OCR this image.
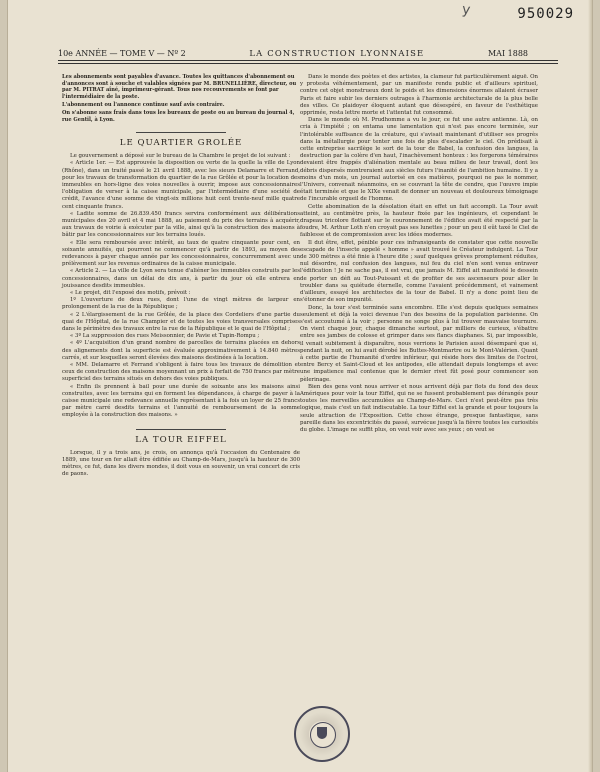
y	950029
10e ANNÉE — TOME V — Nº 2	LA CONSTRUCTION LYONNAISE	MAI 1888

Les abonnements sont payables d'avance. Toutes les quittances d'abonnement ou d'annonces sont à souche et valables signées par M. BRUNELLIÈRE, directeur, ou par M. PITRAT aîné, imprimeur-gérant. Tous nos recouvrements se font par l'intermédiaire de la poste.

L'abonnement ou l'annonce continue sauf avis contraire.

On s'abonne sans frais dans tous les bureaux de poste ou au bureau du journal 4, rue Gentil, à Lyon.

LE QUARTIER GROLÉE

Le gouvernement a déposé sur le bureau de la Chambre le projet de loi suivant :

« Article 1er. — Est approuvée la disposition ou verte de la quelle la ville de Lyon (Rhône), dans un traité passé le 21 avril 1888, avec les sieurs Delamarre et Ferrand, pour les travaux de transformation du quartier de la rue Grôlée et pour la location des immeubles en hors-ligne des voies nouvelles à ouvrir, impose aux concessionnaires l'obligation de verser à la caisse municipale, par l'intermédiaire d'une société de crédit, l'avance d'une somme de vingt-six millions huit cent trente-neuf mille quatre cent cinquante francs.

« Ladite somme de 26.839.450 francs servira conformément aux délibérations municipales des 20 avril et 4 mai 1888, au paiement du prix des terrains à acquérir, aux travaux de voirie à exécuter par la ville, ainsi qu'à la construction des maisons à bâtir par les concessionnaires sur les terrains loués.

« Elle sera remboursée avec intérêt, au taux de quatre cinquante pour cent, en soixante annuités, qui pourront ne commencer qu'à partir de 1893, au moyen des redevances à payer chaque année par les concessionnaires, concurremment avec un prélèvement sur les revenus ordinaires de la caisse municipale.

« Article 2. — La ville de Lyon sera tenue d'aliéner les immeubles construits par les concessionnaires, dans un délai de dix ans, à partir du jour où elle entrera en jouissance desdits immeubles.

« Le projet, dit l'exposé des motifs, prévoit :

1º L'ouverture de deux rues, dont l'une de vingt mètres de largeur en prolongement de la rue de la République ;

« 2 L'élargissement de la rue Grôlée, de la place des Cordeliers d'une partie du quai de l'Hôpital, de la rue Champier et de toutes les voies transversales comprises dans le périmètre des travaux entre la rue de la République et le quai de l'Hôpital ;

« 3º La suppression des rues Meissonnier, de Pavie et Tupin-Rompu ;

« 4º L'acquisition d'un grand nombre de parcelles de terrains placées en dehors des alignements dont la superficie est évaluée approximativement à 14.840 mètres carrés, et sur lesquelles seront élevées des maisons destinées à la location.

« MM. Delamarre et Ferrand s'obligent à faire tous les travaux de démolition et ceux de construction des maisons moyennant un prix à forfait de 750 francs par mètre superficiel des terrains situés en dehors des voies publiques.

« Enfin ils prennent à bail pour une durée de soixante ans les maisons ainsi construites, avec les terrains qui en forment les dépendances, à charge de payer à la caisse municipale une redevance annuelle représentant à la fois un loyer de 25 francs par mètre carré desdits terrains et l'annuité de remboursement de la somme employée à la construction des maisons. »

LA TOUR EIFFEL

Lorsque, il y a trois ans, je crois, on annonça qu'à l'occasion du Centenaire de 1889, une tour en fer allait être édifiée au Champ-de-Mars, jusqu'à la hauteur de 300 mètres, ce fut, dans les divers mondes, il doit vous en souvenir, un vrai concert de cris de paons.

Dans le monde des poètes et des artistes, la clameur fut particulièrement aiguë. On y protesta véhémentement, par un manifeste rendu public et d'ailleurs spirituel, contre cet objet monstrueux dont le poids et les dimensions énormes allaient écraser Paris et faire subir les derniers outrages à l'harmonie architecturale de la plus belle des villes. Ce plaidoyer éloquent autant que désespéré, en faveur de l'esthétique opprimée, resta lettre morte et l'attentat fut consommé.

Dans le monde où M. Prudhomme a vu le jour, ce fut une autre antienne. Là, on cria à l'impiété ; on entama une lamentation qui n'est pas encore terminée, sur l'intolérable suffisance de la créature, qui s'avisait maintenant d'utiliser ses progrès dans la métallurgie pour tenter une fois de plus d'escalader le ciel. On prédisait à cette entreprise sacrilège le sort de la tour de Babel, la confusion des langues, la destruction par la colère d'en haut, l'inachèvement honteux : les forgerons téméraires devaient être frappés d'aliénation mentale au beau milieu de leur travail, dont les débris dispersés montreraient aux siècles futurs l'inanité de l'ambition humaine. Il y a moins d'un mois, un journal autorisé en ces matières, pourquoi ne pas le nommer, l'Univers, convenait néanmoins, en se couvrant la tête de cendre, que l'œuvre impie était terminée et que le XIXe venait de donner un nouveau et douloureux témoignage de l'incurable orgueil de l'homme.

Cette abomination de la désolation était en effet un fait accompli. La Tour avait atteint, au centimètre près, la hauteur fixée par les ingénieurs, et cependant le drapeau tricolore flottant sur le couronnement de l'édifice avait été respecté par la foudre, M. Arthur Loth n'en croyait pas ses lunettes ; pour un peu il eût taxé le Ciel de faiblesse et de compromission avec les idées modernes.

Il dut être, effet, pénible pour ces infransigeants de constater que cette nouvelle escapade de l'insecte appelé « homme » avait trouvé le Créateur indulgent. La Tour de 300 mètres a été finie à l'heure dite ; sauf quelques grèves promptement réduites, nul désordre, nul confusion des langues, nul feu du ciel n'en sont venus entraver l'édification ! Je ne sache pas, il est vrai, que jamais M. Eiffel ait manifesté le dessein de porter un défi au Tout-Puissant et de profiter de ses ascenseurs pour aller le troubler dans sa quiétude éternelle, comme l'avaient précédemment, et vainement d'ailleurs, essayé les architectes de la tour de Babel. Il n'y a donc point lieu de s'étonner de son impunité.

Donc, la tour s'est terminée sans encombre. Elle s'est depuis quelques semaines seulement et déjà la voici devenue l'un des besoins de la population parisienne. On s'est accoutumé à la voir ; personne ne songe plus à lui trouver mauvaise tournure. On vient chaque jour, chaque dimanche surtout, par milliers de curieux, s'ébattre entre ses jambes de colosse et grimper dans ses flancs diaphanes. Si, par impossible, il venait subitement à disparaître, nous verrions le Parisien aussi désemparé que si, pendant la nuit, on lui avait dérobé les Buttes-Montmartre ou le Mont-Valérien. Quant à cette partie de l'humanité d'ordre inférieur, qui réside hors des limites de l'octroi, entre Bercy et Saint-Cloud et les antipodes, elle attendait depuis longtemps et avec une impatience mal contenue que le dernier rivet fût posé pour commencer son pèlerinage.

Bien des gens vont nous arriver et nous arrivent déjà par flots du fond des deux Amériques pour voir la tour Eiffel, qui ne se fussent probablement pas dérangés pour toutes les merveilles accumulées au Champ-de-Mars. Ceci n'est peut-être pas très logique, mais c'est un fait indiscutable. La tour Eiffel est la grande et pour toujours la seule attraction de l'Exposition. Cette chose étrange, presque fantastique, sans pareille dans les excentricités du passé, survécue jusqu'à la fièvre toutes les curiosités du globe. L'image ne suffit plus, on veut voir avec ses yeux ; on veut se
